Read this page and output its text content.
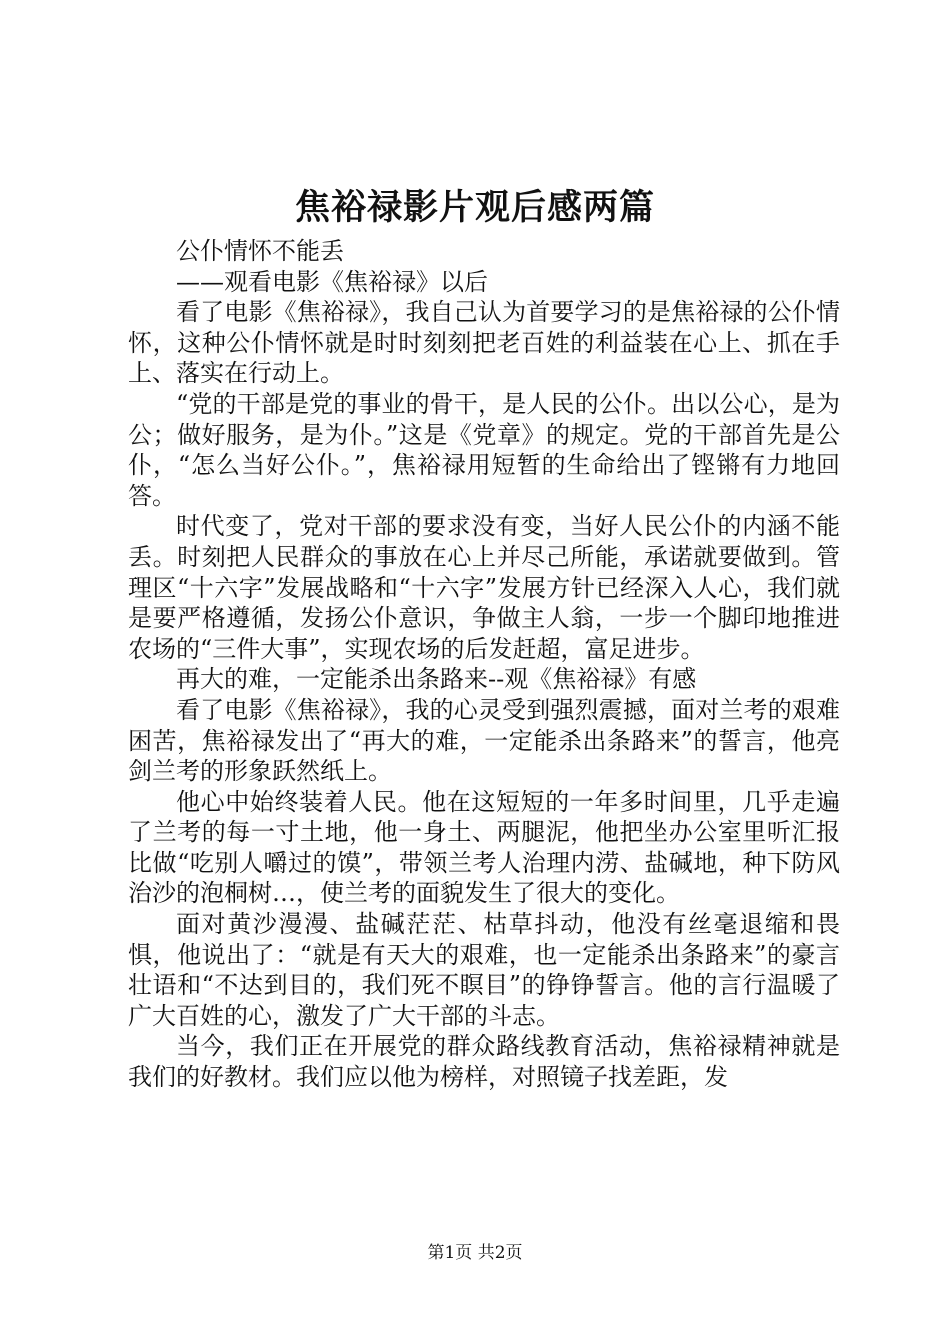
焦裕禄影片观后感两篇

公仆情怀不能丢

——观看电影《焦裕禄》以后

看了电影《焦裕禄》，我自己认为首要学习的是焦裕禄的公仆情怀，这种公仆情怀就是时时刻刻把老百姓的利益装在心上、抓在手上、落实在行动上。

“党的干部是党的事业的骨干，是人民的公仆。出以公心，是为公；做好服务，是为仆。”这是《党章》的规定。党的干部首先是公仆，“怎么当好公仆。”，焦裕禄用短暂的生命给出了铿锵有力地回答。

时代变了，党对干部的要求没有变，当好人民公仆的内涵不能丢。时刻把人民群众的事放在心上并尽己所能，承诺就要做到。管理区“十六字”发展战略和“十六字”发展方针已经深入人心，我们就是要严格遵循，发扬公仆意识，争做主人翁，一步一个脚印地推进农场的“三件大事”，实现农场的后发赶超，富足进步。

再大的难，一定能杀出条路来--观《焦裕禄》有感

看了电影《焦裕禄》，我的心灵受到强烈震撼，面对兰考的艰难困苦，焦裕禄发出了“再大的难，一定能杀出条路来”的誓言，他亮剑兰考的形象跃然纸上。

他心中始终装着人民。他在这短短的一年多时间里，几乎走遍了兰考的每一寸土地，他一身土、两腿泥，他把坐办公室里听汇报比做“吃别人嚼过的馍”，带领兰考人治理内涝、盐碱地，种下防风治沙的泡桐树…，使兰考的面貌发生了很大的变化。

面对黄沙漫漫、盐碱茫茫、枯草抖动，他没有丝毫退缩和畏惧，他说出了：“就是有天大的艰难，也一定能杀出条路来”的豪言壮语和“不达到目的，我们死不瞑目”的铮铮誓言。他的言行温暖了广大百姓的心，激发了广大干部的斗志。

当今，我们正在开展党的群众路线教育活动，焦裕禄精神就是我们的好教材。我们应以他为榜样，对照镜子找差距，发

第1页 共2页
